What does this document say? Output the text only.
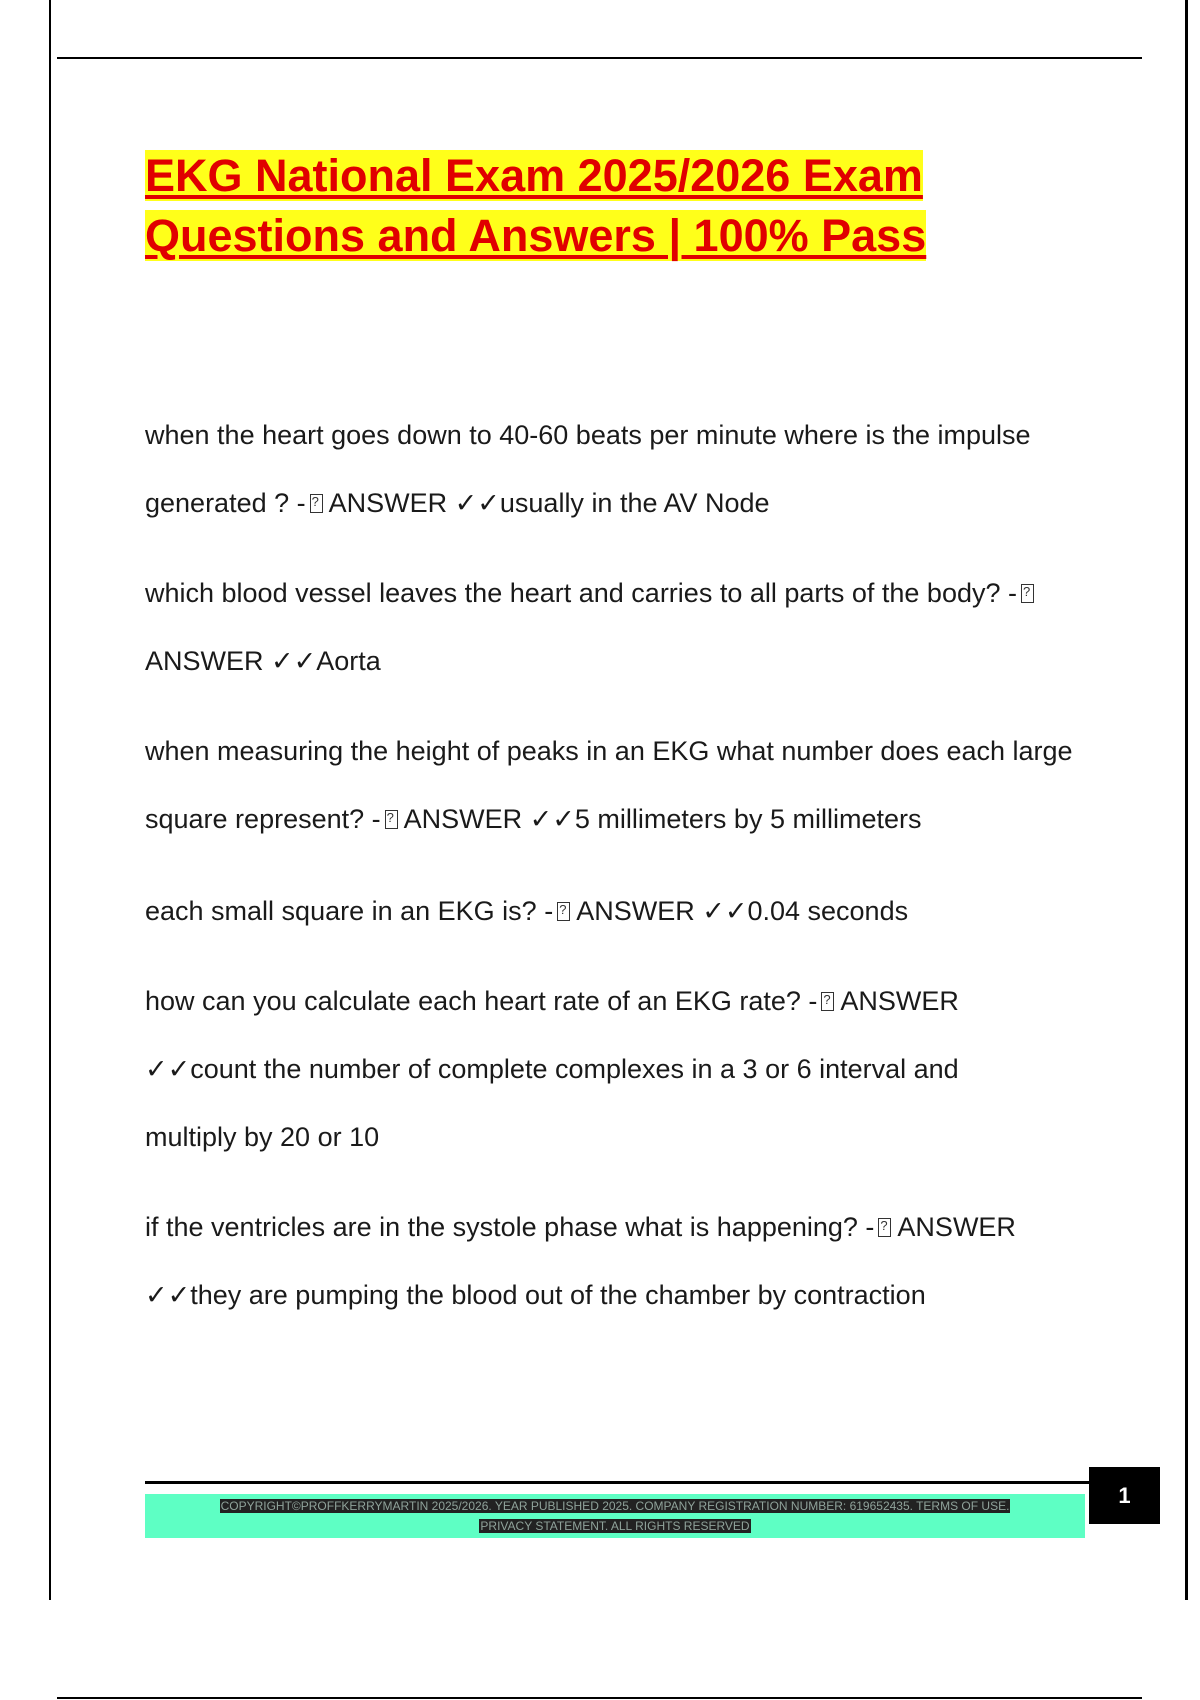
EKG National Exam 2025/2026 Exam
Questions and Answers | 100% Pass

when the heart goes down to 40-60 beats per minute where is the impulse generated ? - ? ANSWER ✓✓usually in the AV Node

which blood vessel leaves the heart and carries to all parts of the body? -?ANSWER ✓✓Aorta

when measuring the height of peaks in an EKG what number does each large square represent? - ? ANSWER ✓✓5 millimeters by 5 millimeters

each small square in an EKG is? - ? ANSWER ✓✓0.04 seconds

how can you calculate each heart rate of an EKG rate? - ? ANSWER ✓✓count the number of complete complexes in a 3 or 6 interval and multiply by 20 or 10

if the ventricles are in the systole phase what is happening? - ? ANSWER ✓✓they are pumping the blood out of the chamber by contraction

COPYRIGHT©PROFFKERRYMARTIN 2025/2026. YEAR PUBLISHED 2025. COMPANY REGISTRATION NUMBER: 619652435. TERMS OF USE.
PRIVACY STATEMENT. ALL RIGHTS RESERVED
1
